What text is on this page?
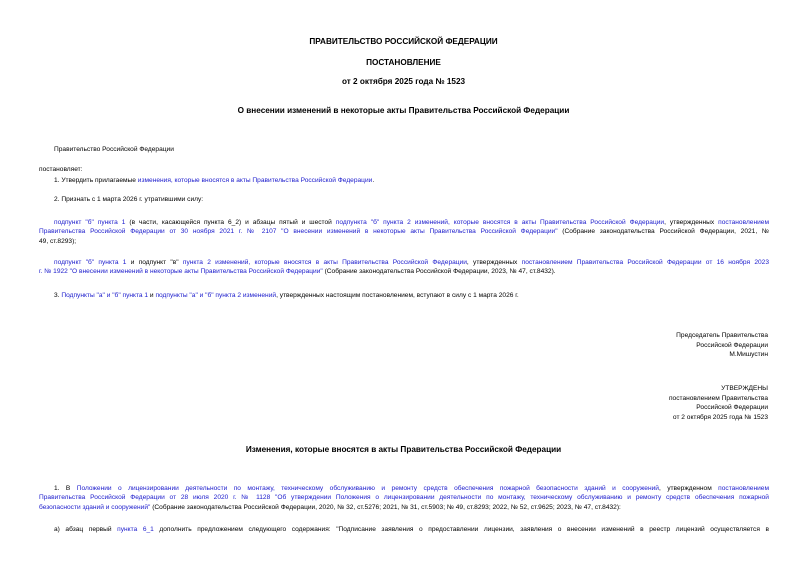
ПРАВИТЕЛЬСТВО РОССИЙСКОЙ ФЕДЕРАЦИИ
ПОСТАНОВЛЕНИЕ
от 2 октября 2025 года № 1523
О внесении изменений в некоторые акты Правительства Российской Федерации
Правительство Российской Федерации
постановляет:
1. Утвердить прилагаемые изменения, которые вносятся в акты Правительства Российской Федерации.
2. Признать с 1 марта 2026 г. утратившими силу:
подпункт "б" пункта 1 (в части, касающейся пункта 6_2) и абзацы пятый и шестой подпункта "б" пункта 2 изменений, которые вносятся в акты Правительства Российской Федерации, утвержденных постановлением
Правительства Российской Федерации от 30 ноября 2021 г. № 2107 "О внесении изменений в некоторые акты Правительства Российской Федерации" (Собрание законодательства Российской Федерации, 2021, №
49, ст.8293);
подпункт "б" пункта 1 и подпункт "в" пункта 2 изменений, которые вносятся в акты Правительства Российской Федерации, утвержденных постановлением Правительства Российской Федерации от 16 ноября 2023
г. № 1922 "О внесении изменений в некоторые акты Правительства Российской Федерации" (Собрание законодательства Российской Федерации, 2023, № 47, ст.8432).
3. Подпункты "а" и "б" пункта 1 и подпункты "а" и "б" пункта 2 изменений, утвержденных настоящим постановлением, вступают в силу с 1 марта 2026 г.
Председатель Правительства
Российской Федерации
М.Мишустин
УТВЕРЖДЕНЫ
постановлением Правительства
Российской Федерации
от 2 октября 2025 года № 1523
Изменения, которые вносятся в акты Правительства Российской Федерации
1. В Положении о лицензировании деятельности по монтажу, техническому обслуживанию и ремонту средств обеспечения пожарной безопасности зданий и сооружений, утвержденном постановлением
Правительства Российской Федерации от 28 июля 2020 г. № 1128 "Об утверждении Положения о лицензировании деятельности по монтажу, техническому обслуживанию и ремонту средств обеспечения пожарной
безопасности зданий и сооружений" (Собрание законодательства Российской Федерации, 2020, № 32, ст.5276; 2021, № 31, ст.5903; № 49, ст.8293; 2022, № 52, ст.9625; 2023, № 47, ст.8432):
а) абзац первый пункта 6_1 дополнить предложением следующего содержания: "Подписание заявления о предоставлении лицензии, заявления о внесении изменений в реестр лицензий осуществляется в
